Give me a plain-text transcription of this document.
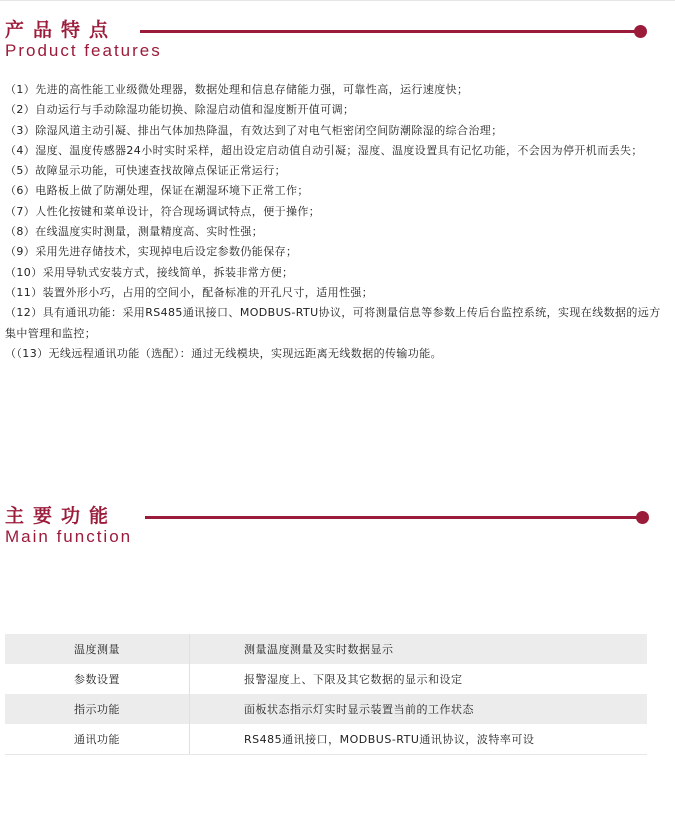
产品特点
Product features
（1）先进的高性能工业级微处理器，数据处理和信息存储能力强，可靠性高，运行速度快；
（2）自动运行与手动除湿功能切换、除湿启动值和湿度断开值可调；
（3）除湿风道主动引凝、排出气体加热降温，有效达到了对电气柜密闭空间防潮除湿的综合治理；
（4）湿度、温度传感器24小时实时采样，超出设定启动值自动引凝；湿度、温度设置具有记忆功能，不会因为停开机而丢失；
（5）故障显示功能，可快速查找故障点保证正常运行；
（6）电路板上做了防潮处理，保证在潮湿环境下正常工作；
（7）人性化按键和菜单设计，符合现场调试特点，便于操作；
（8）在线温度实时测量，测量精度高、实时性强；
（9）采用先进存储技术，实现掉电后设定参数仍能保存；
（10）采用导轨式安装方式，接线简单，拆装非常方便；
（11）装置外形小巧，占用的空间小，配备标准的开孔尺寸，适用性强；
（12）具有通讯功能：采用RS485通讯接口、MODBUS-RTU协议，可将测量信息等参数上传后台监控系统，实现在线数据的远方集中管理和监控；
（（13）无线远程通讯功能（选配）：通过无线模块，实现远距离无线数据的传输功能。
主要功能
Main function
温度测量	测量温度测量及实时数据显示
参数设置	报警湿度上、下限及其它数据的显示和设定
指示功能	面板状态指示灯实时显示装置当前的工作状态
通讯功能	RS485通讯接口，MODBUS-RTU通讯协议，波特率可设
